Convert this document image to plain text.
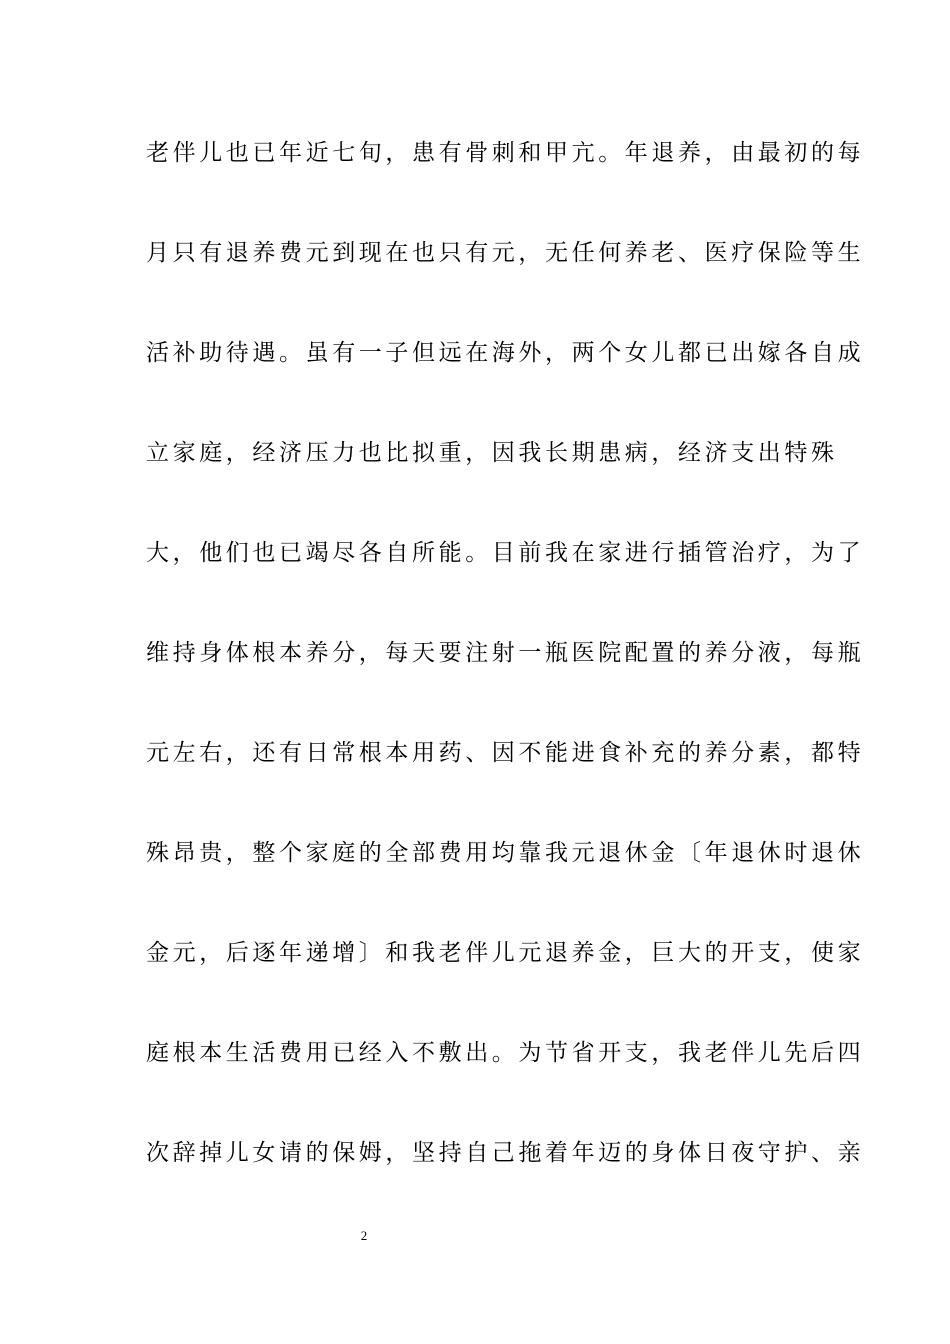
老伴儿也已年近七旬，患有骨刺和甲亢。年退养，由最初的每
月只有退养费元到现在也只有元，无任何养老、医疗保险等生
活补助待遇。虽有一子但远在海外，两个女儿都已出嫁各自成
立家庭，经济压力也比拟重，因我长期患病，经济支出特殊
大，他们也已竭尽各自所能。目前我在家进行插管治疗，为了
维持身体根本养分，每天要注射一瓶医院配置的养分液，每瓶
元左右，还有日常根本用药、因不能进食补充的养分素，都特
殊昂贵，整个家庭的全部费用均靠我元退休金〔年退休时退休
金元，后逐年递增〕和我老伴儿元退养金，巨大的开支，使家
庭根本生活费用已经入不敷出。为节省开支，我老伴儿先后四
次辞掉儿女请的保姆，坚持自己拖着年迈的身体日夜守护、亲
2
